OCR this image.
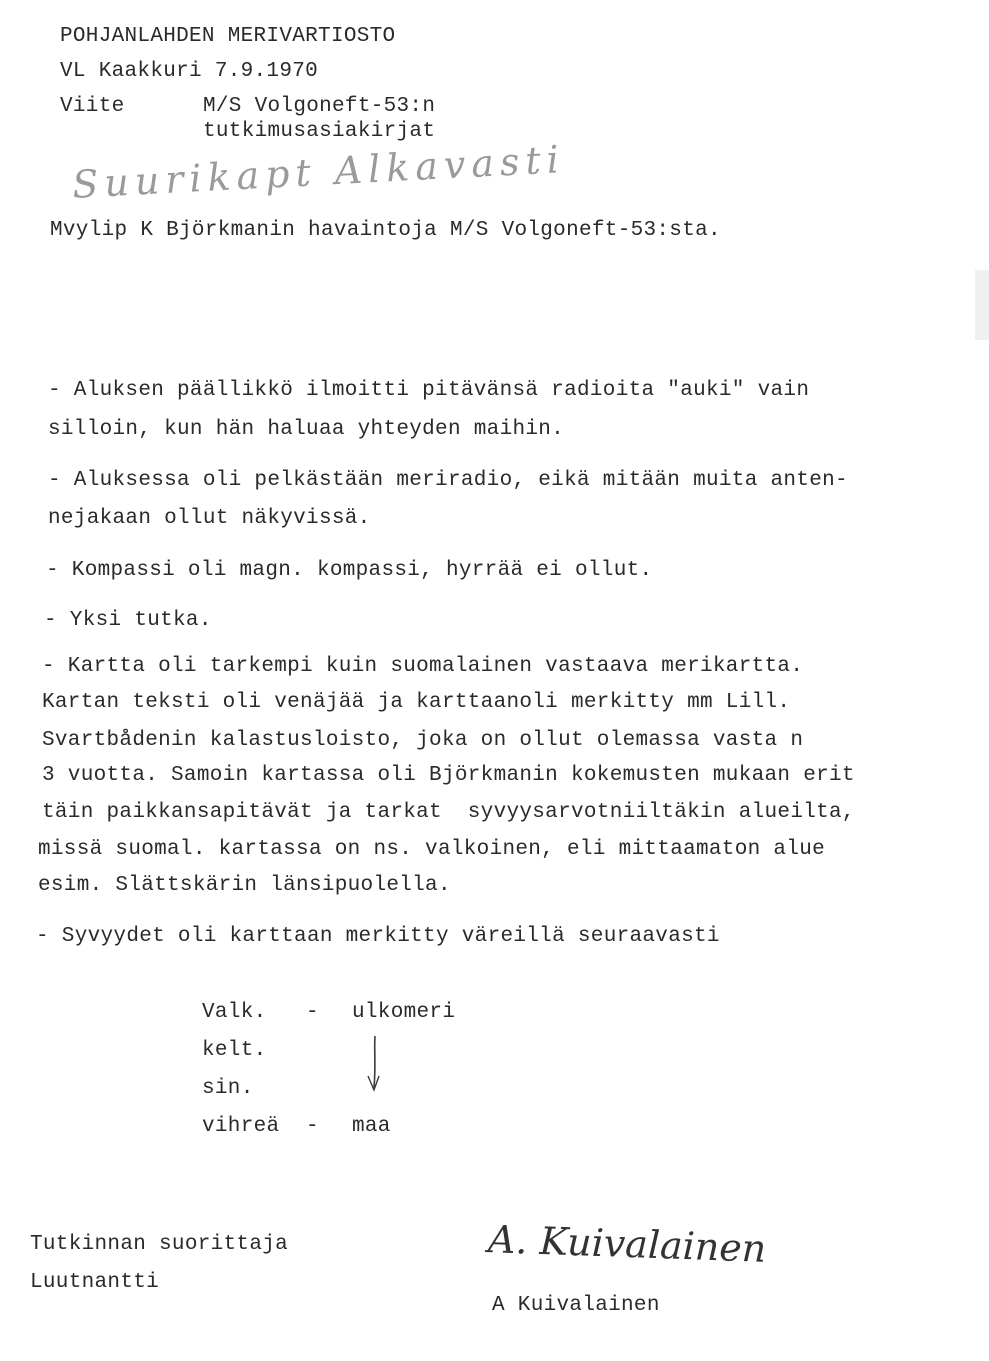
POHJANLAHDEN MERIVARTIOSTO
VL Kaakkuri 7.9.1970
Viite	M/S Volgoneft-53:n
tutkimusasiakirjat
Suurikapt Alkavasti
Mvylip K Björkmanin havaintoja M/S Volgoneft-53:sta.
- Aluksen päällikkö ilmoitti pitävänsä radioita "auki" vain
silloin, kun hän haluaa yhteyden maihin.
- Aluksessa oli pelkästään meriradio, eikä mitään muita anten-
nejakaan ollut näkyvissä.
- Kompassi oli magn. kompassi, hyrrää ei ollut.
- Yksi tutka.
- Kartta oli tarkempi kuin suomalainen vastaava merikartta.
Kartan teksti oli venäjää ja karttaanoli merkitty mm Lill.
Svartbådenin kalastusloisto, joka on ollut olemassa vasta n
3 vuotta. Samoin kartassa oli Björkmanin kokemusten mukaan erit
täin paikkansapitävät ja tarkat  syvyysarvotniiltäkin alueilta,
missä suomal. kartassa on ns. valkoinen, eli mittaamaton alue
esim. Slättskärin länsipuolella.
- Syvyydet oli karttaan merkitty väreillä seuraavasti
Valk. - ulkomeri
kelt.
sin.
vihreä - maa
Tutkinnan suorittaja
Luutnantti
A. Kuivalainen
A Kuivalainen
